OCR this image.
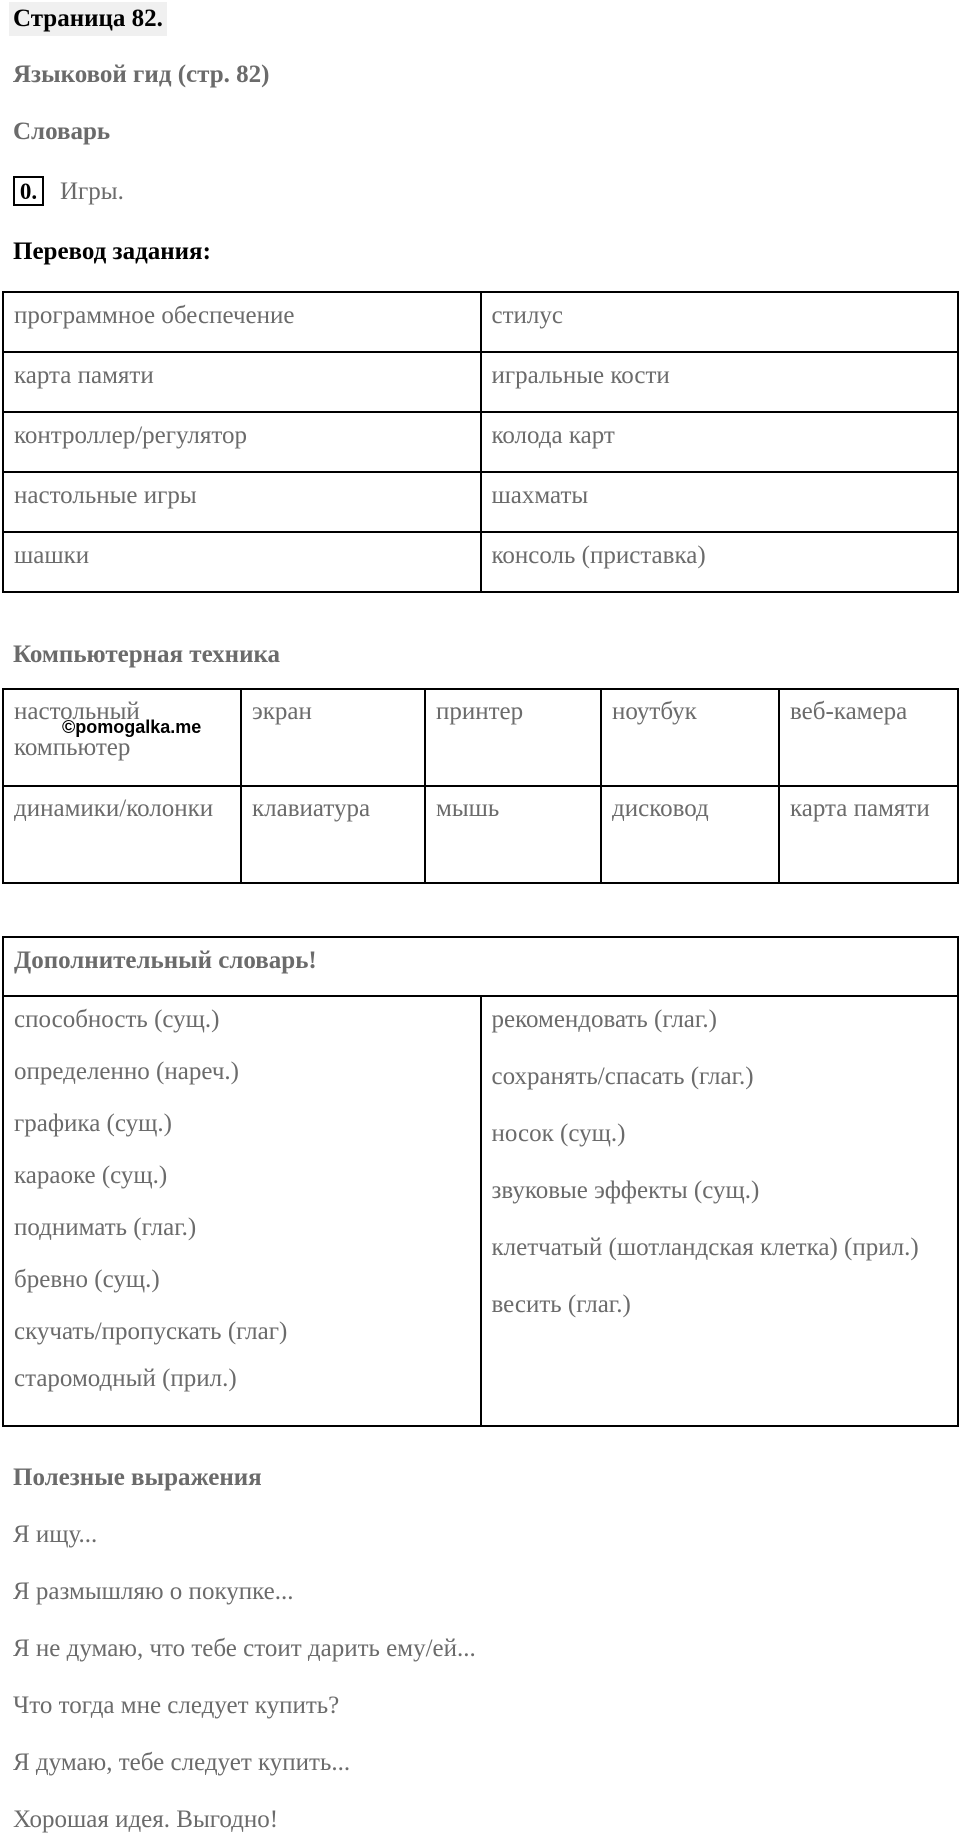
Страница 82.
Языковой гид (стр. 82)
Словарь
0. Игры.
Перевод задания:
программное обеспечение	стилус
карта памяти	игральные кости
контроллер/регулятор	колода карт
настольные игры	шахматы
шашки	консоль (приставка)
Компьютерная техника
настольный компьютер	экран	принтер	ноутбук	веб-камера
динамики/колонки	клавиатура	мышь	дисковод	карта памяти
©pomogalka.me
Дополнительный словарь!

способность (сущ.)
определенно (нареч.)
графика (сущ.)
караоке (сущ.)
поднимать (глаг.)
бревно (сущ.)
скучать/пропускать (глаг)
старомодный (прил.)

рекомендовать (глаг.)
сохранять/спасать (глаг.)
носок (сущ.)
звуковые эффекты (сущ.)
клетчатый (шотландская клетка) (прил.)
весить (глаг.)
Полезные выражения
Я ищу...
Я размышляю о покупке...
Я не думаю, что тебе стоит дарить ему/ей...
Что тогда мне следует купить?
Я думаю, тебе следует купить...
Хорошая идея. Выгодно!
